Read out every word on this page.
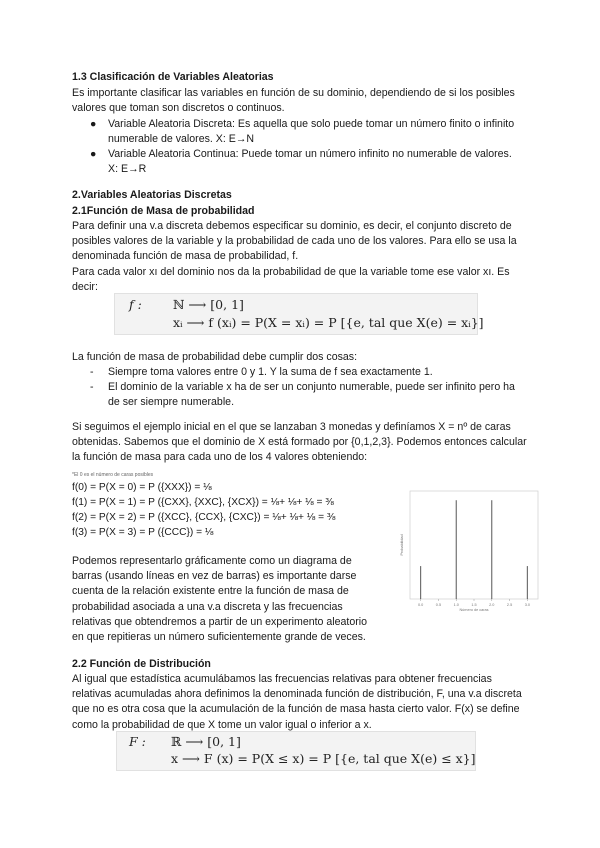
1.3 Clasificación de Variables Aleatorias
Es importante clasificar las variables en función de su dominio, dependiendo de si los posibles valores que toman son discretos o continuos.
● Variable Aleatoria Discreta: Es aquella que solo puede tomar un número finito o infinito numerable de valores. X: E→N
● Variable Aleatoria Continua: Puede tomar un número infinito no numerable de valores. X: E→R
2.Variables Aleatorias Discretas
2.1Función de Masa de probabilidad
Para definir una v.a discreta debemos especificar su dominio, es decir, el conjunto discreto de posibles valores de la variable y la probabilidad de cada uno de los valores. Para ello se usa la denominada función de masa de probabilidad, f.
Para cada valor xı del dominio nos da la probabilidad de que la variable tome ese valor xı. Es decir:
f : ℕ ⟶ [0, 1]
xᵢ ⟶ f (xᵢ) = P(X = xᵢ) = P [{e, tal que X(e) = xᵢ}]
La función de masa de probabilidad debe cumplir dos cosas:
- Siempre toma valores entre 0 y 1. Y la suma de f sea exactamente 1.
- El dominio de la variable x ha de ser un conjunto numerable, puede ser infinito pero ha de ser siempre numerable.
Si seguimos el ejemplo inicial en el que se lanzaban 3 monedas y definíamos X = nº de caras obtenidas. Sabemos que el dominio de X está formado por {0,1,2,3}. Podemos entonces calcular la función de masa para cada uno de los 4 valores obteniendo:
*El 0 es el número de caras posibles
f(0) = P(X = 0) = P ({XXX}) = ⅛
f(1) = P(X = 1) = P ({CXX}, {XXC}, {XCX}) = ⅛+ ⅛+ ⅛ = ⅜
f(2) = P(X = 2) = P ({XCC}, {CCX}, {CXC}) = ⅛+ ⅛+ ⅛ = ⅜
f(3) = P(X = 3) = P ({CCC}) = ⅛
Podemos representarlo gráficamente como un diagrama de barras (usando líneas en vez de barras) es importante darse cuenta de la relación existente entre la función de masa de probabilidad asociada a una v.a discreta y las frecuencias relativas que obtendremos a partir de un experimento aleatorio en que repitieras un número suficientemente grande de veces.
0.0	0.5	1.0	1.5	2.0	2.5	3.0
Número de caras
Probabilidad
2.2 Función de Distribución
Al igual que estadística acumulábamos las frecuencias relativas para obtener frecuencias relativas acumuladas ahora definimos la denominada función de distribución, F, una v.a discreta que no es otra cosa que la acumulación de la función de masa hasta cierto valor. F(x) se define como la probabilidad de que X tome un valor igual o inferior a x.
F : ℝ ⟶ [0, 1]
x ⟶ F (x) = P(X ≤ x) = P [{e, tal que X(e) ≤ x}]
